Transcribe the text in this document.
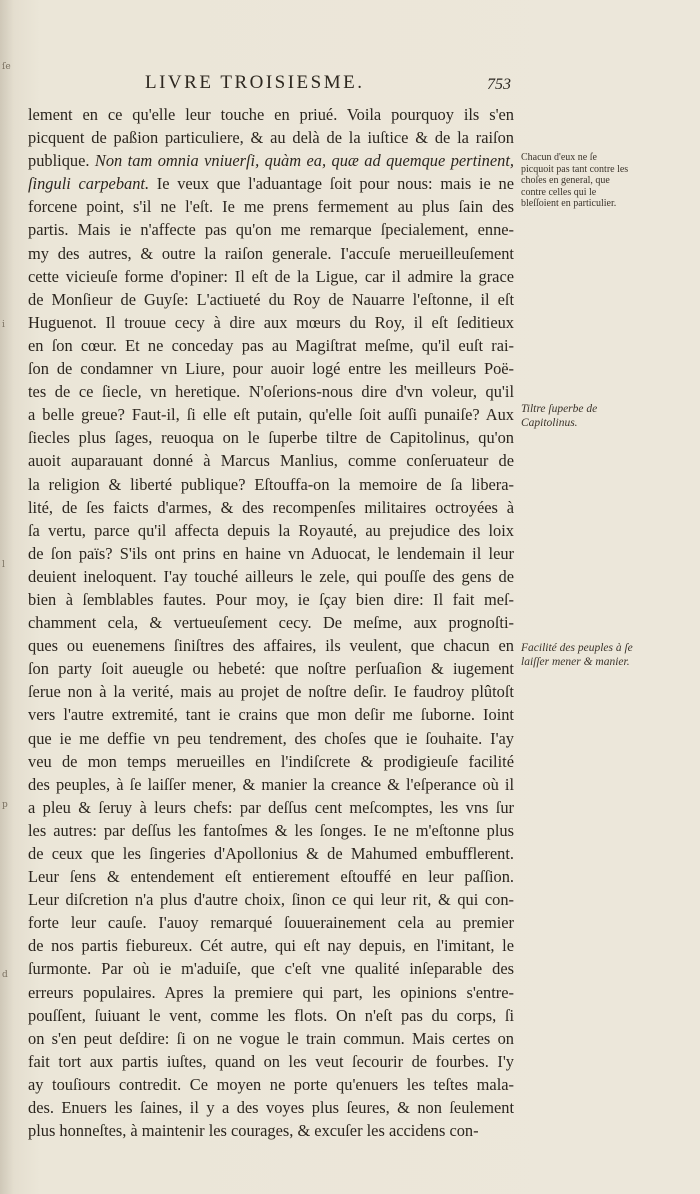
ſe
i
l
p
d
LIVRE TROISIESME.	753
lement en ce qu'elle leur touche en priué. Voila pourquoy ils s'en
picquent de paßion particuliere, & au delà de la iuſtice & de la raiſon
publique. Non tam omnia vniuerſi, quàm ea, quæ ad quemque pertinent,
ſinguli carpebant. Ie veux que l'aduantage ſoit pour nous: mais ie ne
forcene point, s'il ne l'eſt. Ie me prens fermement au plus ſain des
partis. Mais ie n'affecte pas qu'on me remarque ſpecialement, enne-
my des autres, & outre la raiſon generale. I'accuſe merueilleuſement
cette vicieuſe forme d'opiner: Il eſt de la Ligue, car il admire la grace
de Monſieur de Guyſe: L'actiueté du Roy de Nauarre l'eſtonne, il eſt
Huguenot. Il trouue cecy à dire aux mœurs du Roy, il eſt ſeditieux
en ſon cœur. Et ne conceday pas au Magiſtrat meſme, qu'il euſt rai-
ſon de condamner vn Liure, pour auoir logé entre les meilleurs Poë-
tes de ce ſiecle, vn heretique. N'oſerions-nous dire d'vn voleur, qu'il
a belle greue? Faut-il, ſi elle eſt putain, qu'elle ſoit auſſi punaiſe? Aux
ſiecles plus ſages, reuoqua on le ſuperbe tiltre de Capitolinus, qu'on
auoit auparauant donné à Marcus Manlius, comme conſeruateur de
la religion & liberté publique? Eſtouffa-on la memoire de ſa libera-
lité, de ſes faicts d'armes, & des recompenſes militaires octroyées à
ſa vertu, parce qu'il affecta depuis la Royauté, au prejudice des loix
de ſon païs? S'ils ont prins en haine vn Aduocat, le lendemain il leur
deuient ineloquent. I'ay touché ailleurs le zele, qui pouſſe des gens de
bien à ſemblables fautes. Pour moy, ie ſçay bien dire: Il fait meſ-
chamment cela, & vertueuſement cecy. De meſme, aux prognoſti-
ques ou euenemens ſiniſtres des affaires, ils veulent, que chacun en
ſon party ſoit aueugle ou hebeté: que noſtre perſuaſion & iugement
ſerue non à la verité, mais au projet de noſtre deſir. Ie faudroy plûtoſt
vers l'autre extremité, tant ie crains que mon deſir me ſuborne. Ioint
que ie me deffie vn peu tendrement, des choſes que ie ſouhaite. I'ay
veu de mon temps merueilles en l'indiſcrete & prodigieuſe facilité
des peuples, à ſe laiſſer mener, & manier la creance & l'eſperance où il
a pleu & ſeruy à leurs chefs: par deſſus cent meſcomptes, les vns ſur
les autres: par deſſus les fantoſmes & les ſonges. Ie ne m'eſtonne plus
de ceux que les ſingeries d'Apollonius & de Mahumed embufflerent.
Leur ſens & entendement eſt entierement eſtouffé en leur paſſion.
Leur diſcretion n'a plus d'autre choix, ſinon ce qui leur rit, & qui con-
forte leur cauſe. I'auoy remarqué ſouuerainement cela au premier
de nos partis fiebureux. Cét autre, qui eſt nay depuis, en l'imitant, le
ſurmonte. Par où ie m'aduiſe, que c'eſt vne qualité inſeparable des
erreurs populaires. Apres la premiere qui part, les opinions s'entre-
pouſſent, ſuiuant le vent, comme les flots. On n'eſt pas du corps, ſi
on s'en peut deſdire: ſi on ne vogue le train commun. Mais certes on
fait tort aux partis iuſtes, quand on les veut ſecourir de fourbes. I'y
ay touſiours contredit. Ce moyen ne porte qu'enuers les teſtes mala-
des. Enuers les ſaines, il y a des voyes plus ſeures, & non ſeulement
plus honneſtes, à maintenir les courages, & excuſer les accidens con-
Chacun d'eux ne ſe picquoit pas tant contre les choſes en general, que contre celles qui le bleſſoient en particulier.
Tiltre ſuperbe de Capitolinus.
Facilité des peuples à ſe laiſſer mener & manier.
